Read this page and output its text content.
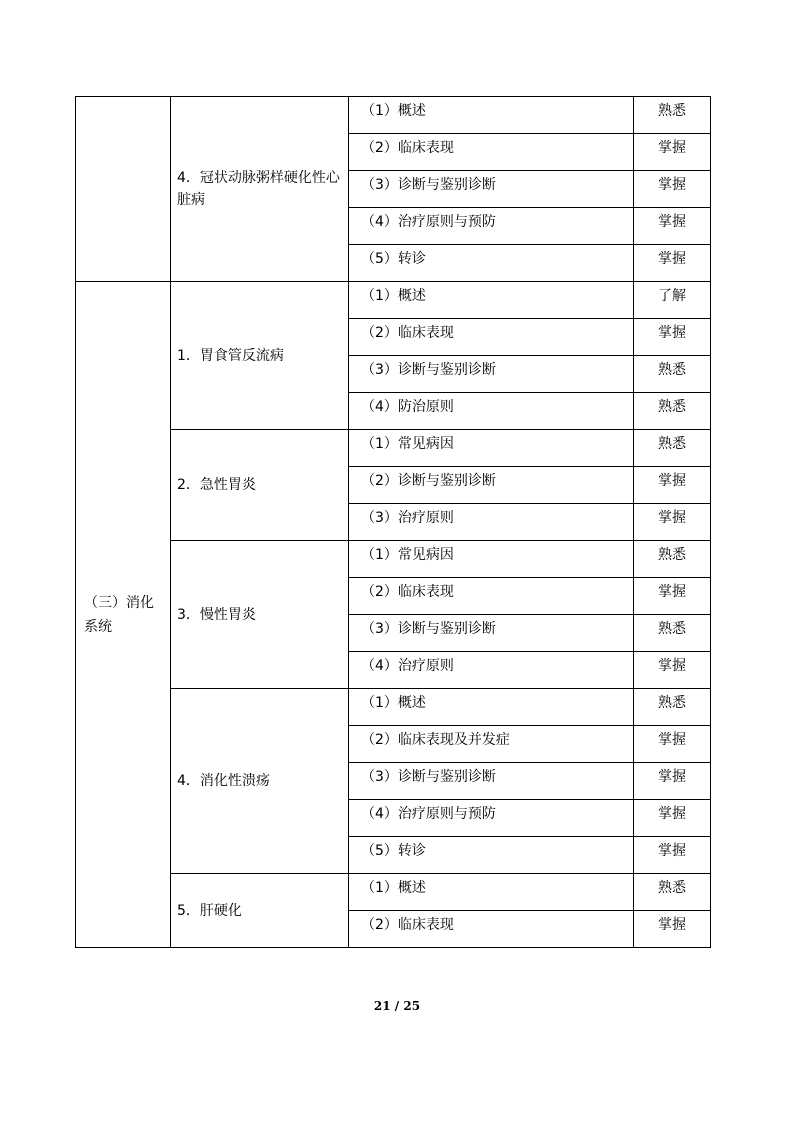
	4．冠状动脉粥样硬化性心脏病	（1）概述	熟悉
		（2）临床表现	掌握
		（3）诊断与鉴别诊断	掌握
		（4）治疗原则与预防	掌握
		（5）转诊	掌握
（三）消化系统	1．胃食管反流病	（1）概述	了解
		（2）临床表现	掌握
		（3）诊断与鉴别诊断	熟悉
		（4）防治原则	熟悉
	2．急性胃炎	（1）常见病因	熟悉
		（2）诊断与鉴别诊断	掌握
		（3）治疗原则	掌握
	3．慢性胃炎	（1）常见病因	熟悉
		（2）临床表现	掌握
		（3）诊断与鉴别诊断	熟悉
		（4）治疗原则	掌握
	4．消化性溃疡	（1）概述	熟悉
		（2）临床表现及并发症	掌握
		（3）诊断与鉴别诊断	掌握
		（4）治疗原则与预防	掌握
		（5）转诊	掌握
	5．肝硬化	（1）概述	熟悉
		（2）临床表现	掌握
21 / 25
